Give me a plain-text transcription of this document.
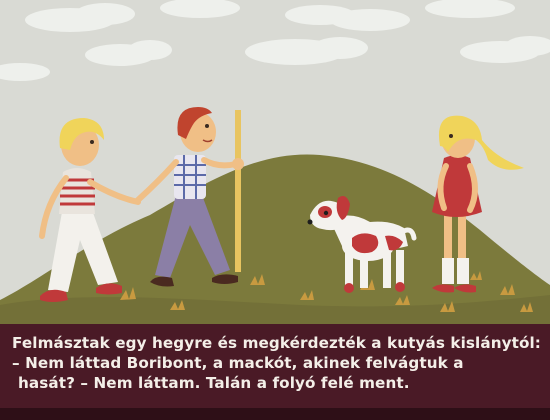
Felmásztak egy hegyre és megkérdezték a kutyás kislánytól:
– Nem láttad Boribont, a mackót, akinek felvágtuk a
hasát? – Nem láttam. Talán a folyó felé ment.
